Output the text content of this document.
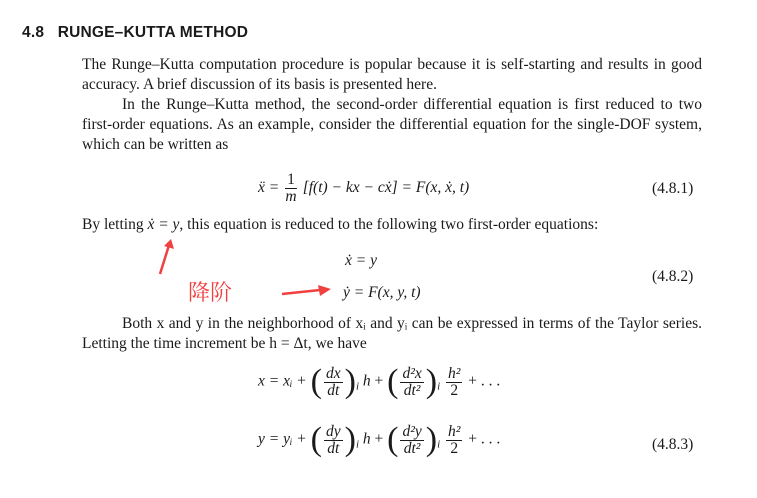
4.8 RUNGE–KUTTA METHOD

The Runge–Kutta computation procedure is popular because it is self-starting and results in good accuracy. A brief discussion of its basis is presented here.

In the Runge–Kutta method, the second-order differential equation is first reduced to two first-order equations. As an example, consider the differential equation for the single-DOF system, which can be written as

ẍ = $\frac{1}{m} [f(t)$ − kx − cẋ] = F(x, ẋ, t)	(4.8.1)
By letting ẋ = y, this equation is reduced to the following two first-order equations:
降阶
ẋ = y
ẏ = F(x, y, t)
(4.8.2)

Both x and y in the neighborhood of xᵢ and yᵢ can be expressed in terms of the Taylor series. Letting the time increment be h = Δt, we have

x = xᵢ + ( $\frac{dx}{dt} )_i$ h + ( $\frac{\text{d²x}}{\text{dt²}} )_i \frac{\text{h²}}{2}$ + . . .
y = yᵢ + ( $\frac{dy}{dt} )_i$ h + ( $\frac{\text{d²y}}{\text{dt²}} )_i \frac{\text{h²}}{2}$ + . . .	(4.8.3)
